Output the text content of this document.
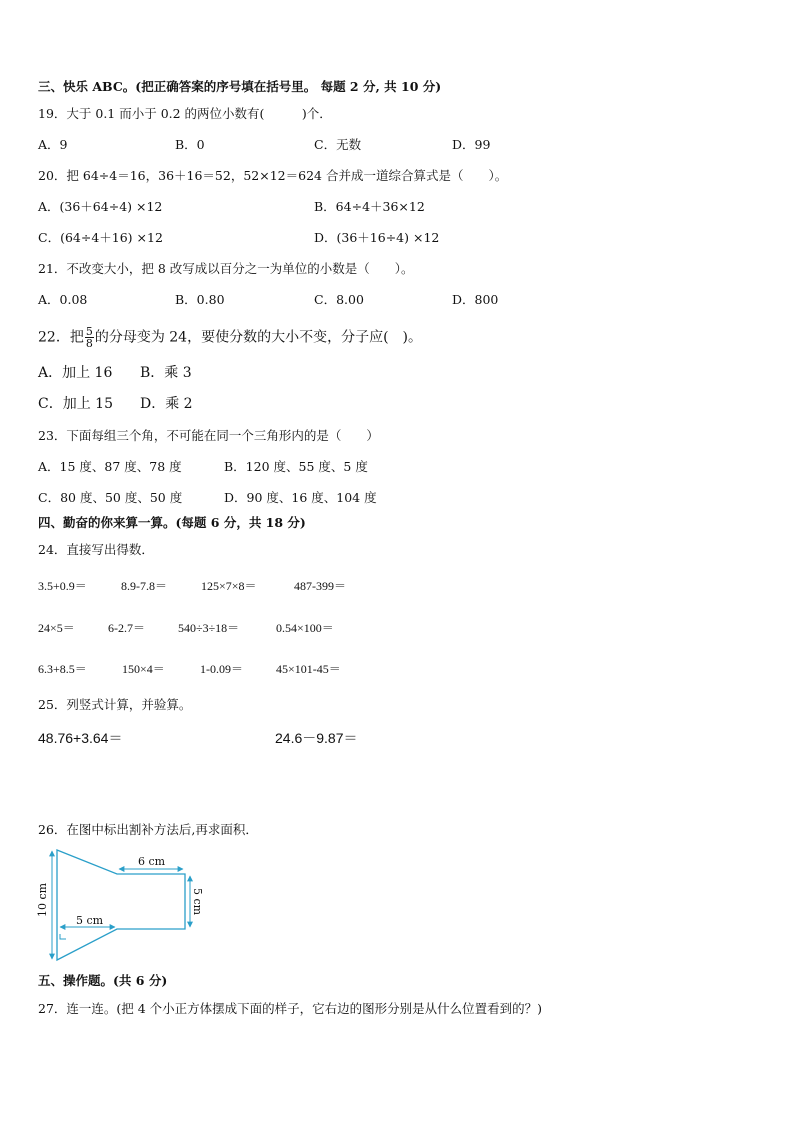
三、快乐 ABC。(把正确答案的序号填在括号里。 每题 2 分, 共 10 分)
19．大于 0.1 而小于 0.2 的两位小数有(　　　)个．
A．9	B．0	C．无数	D．99
20．把 64÷4＝16，36＋16＝52，52×12＝624 合并成一道综合算式是（　　）。
A．(36＋64÷4) ×12	B．64÷4＋36×12
C．(64÷4＋16) ×12	D．(36＋16÷4) ×12
21．不改变大小，把 8 改写成以百分之一为单位的小数是（　　）。
A．0.08	B．0.80	C．8.00	D．800
22．把 $\frac{5}{8}$ 的分母变为 24，要使分数的大小不变，分子应(　)。
A．加上 16 B．乘 3
C．加上 15 D．乘 2
23．下面每组三个角，不可能在同一个三角形内的是（　　）
A．15 度、87 度、78 度	B．120 度、55 度、5 度
C．80 度、50 度、50 度	D．90 度、16 度、104 度
四、勤奋的你来算一算。(每题 6 分，共 18 分)
24．直接写出得数．
3.5+0.9＝	8.9-7.8＝	125×7×8＝	487-399＝
24×5＝	6-2.7＝	540÷3÷18＝	0.54×100＝
6.3+8.5＝	150×4＝	1-0.09＝	45×101-45＝
25．列竖式计算，并验算。
48.76+3.64＝	24.6－9.87＝
26．在图中标出割补方法后,再求面积．
6 cm
5 cm
10 cm	5 cm
五、操作题。(共 6 分)
27．连一连。(把 4 个小正方体摆成下面的样子，它右边的图形分别是从什么位置看到的？)
